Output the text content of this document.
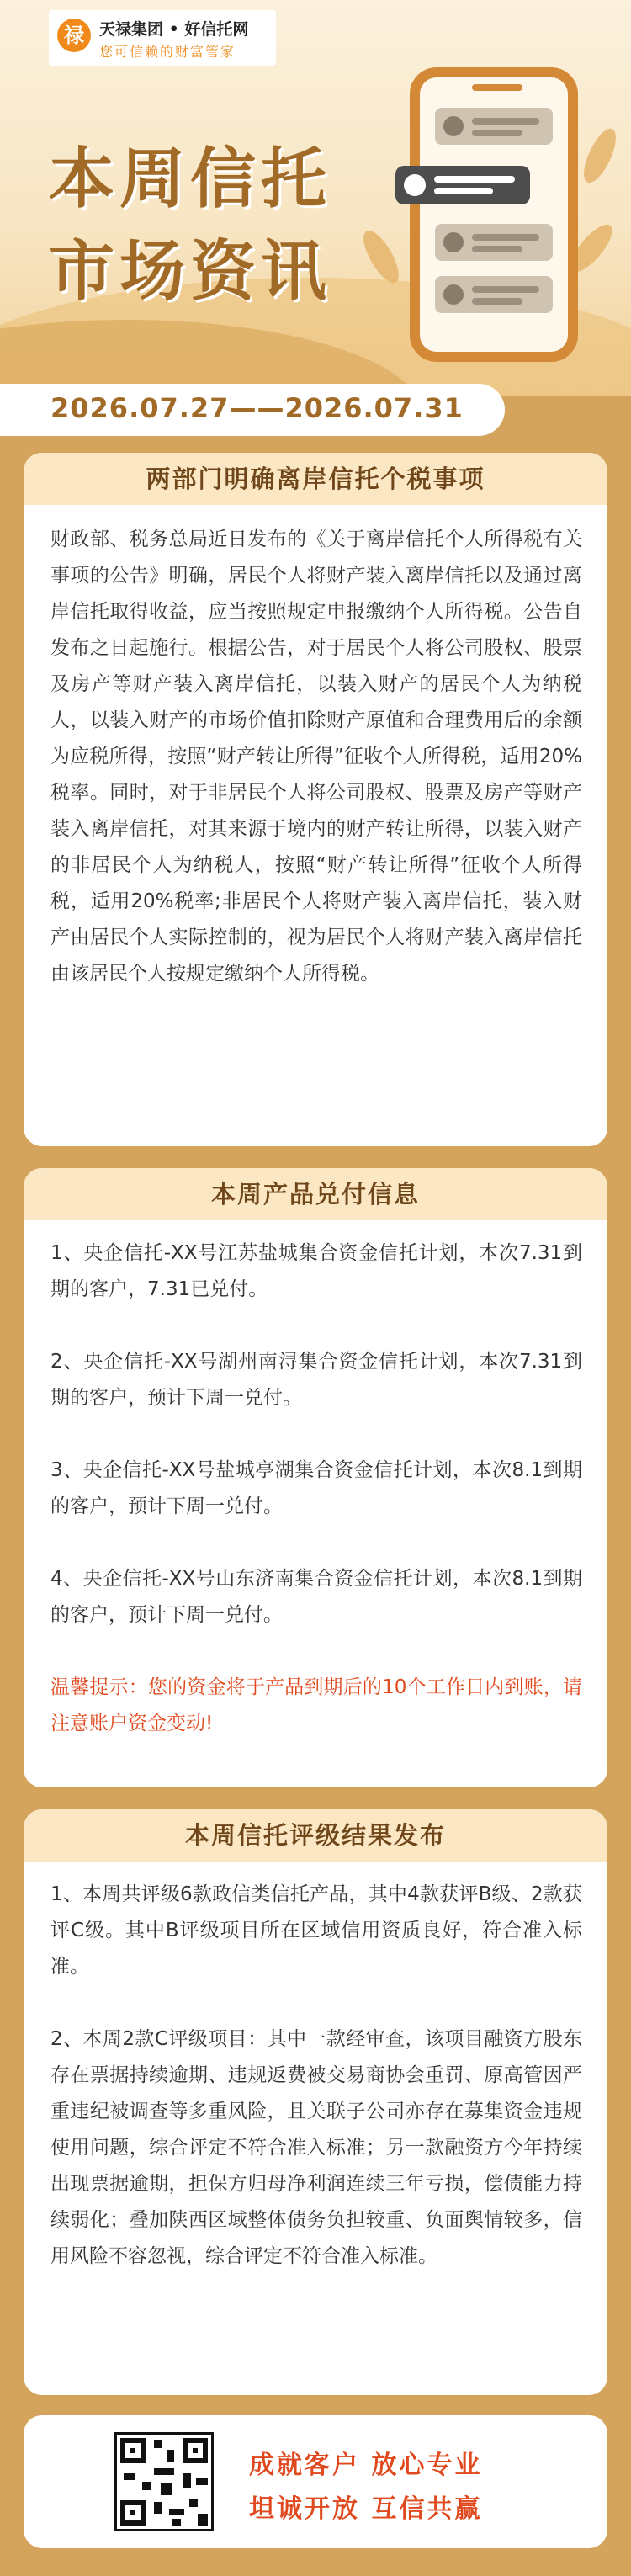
禄 天禄集团 • 好信托网
您可信赖的财富管家
本周信托
市场资讯
2026.07.27——2026.07.31
两部门明确离岸信托个税事项

财政部、税务总局近日发布的《关于离岸信托个人所得税有关事项的公告》明确，居民个人将财产装入离岸信托以及通过离岸信托取得收益，应当按照规定申报缴纳个人所得税。公告自发布之日起施行。根据公告，对于居民个人将公司股权、股票及房产等财产装入离岸信托，以装入财产的居民个人为纳税人，以装入财产的市场价值扣除财产原值和合理费用后的余额为应税所得，按照“财产转让所得”征收个人所得税，适用20%税率。同时，对于非居民个人将公司股权、股票及房产等财产装入离岸信托，对其来源于境内的财产转让所得，以装入财产的非居民个人为纳税人，按照“财产转让所得”征收个人所得税，适用20%税率;非居民个人将财产装入离岸信托，装入财产由居民个人实际控制的，视为居民个人将财产装入离岸信托由该居民个人按规定缴纳个人所得税。

本周产品兑付信息

1、央企信托-XX号江苏盐城集合资金信托计划，本次7.31到期的客户，7.31已兑付。

2、央企信托-XX号湖州南浔集合资金信托计划，本次7.31到期的客户，预计下周一兑付。

3、央企信托-XX号盐城亭湖集合资金信托计划，本次8.1到期的客户，预计下周一兑付。

4、央企信托-XX号山东济南集合资金信托计划，本次8.1到期的客户，预计下周一兑付。

温馨提示：您的资金将于产品到期后的10个工作日内到账，请注意账户资金变动!

本周信托评级结果发布

1、本周共评级6款政信类信托产品，其中4款获评B级、2款获评C级。其中B评级项目所在区域信用资质良好，符合准入标准。

2、本周2款C评级项目：其中一款经审查，该项目融资方股东存在票据持续逾期、违规返费被交易商协会重罚、原高管因严重违纪被调查等多重风险，且关联子公司亦存在募集资金违规使用问题，综合评定不符合准入标准；另一款融资方今年持续出现票据逾期，担保方归母净利润连续三年亏损，偿债能力持续弱化；叠加陕西区域整体债务负担较重、负面舆情较多，信用风险不容忽视，综合评定不符合准入标准。

成就客户 放心专业
坦诚开放 互信共赢
